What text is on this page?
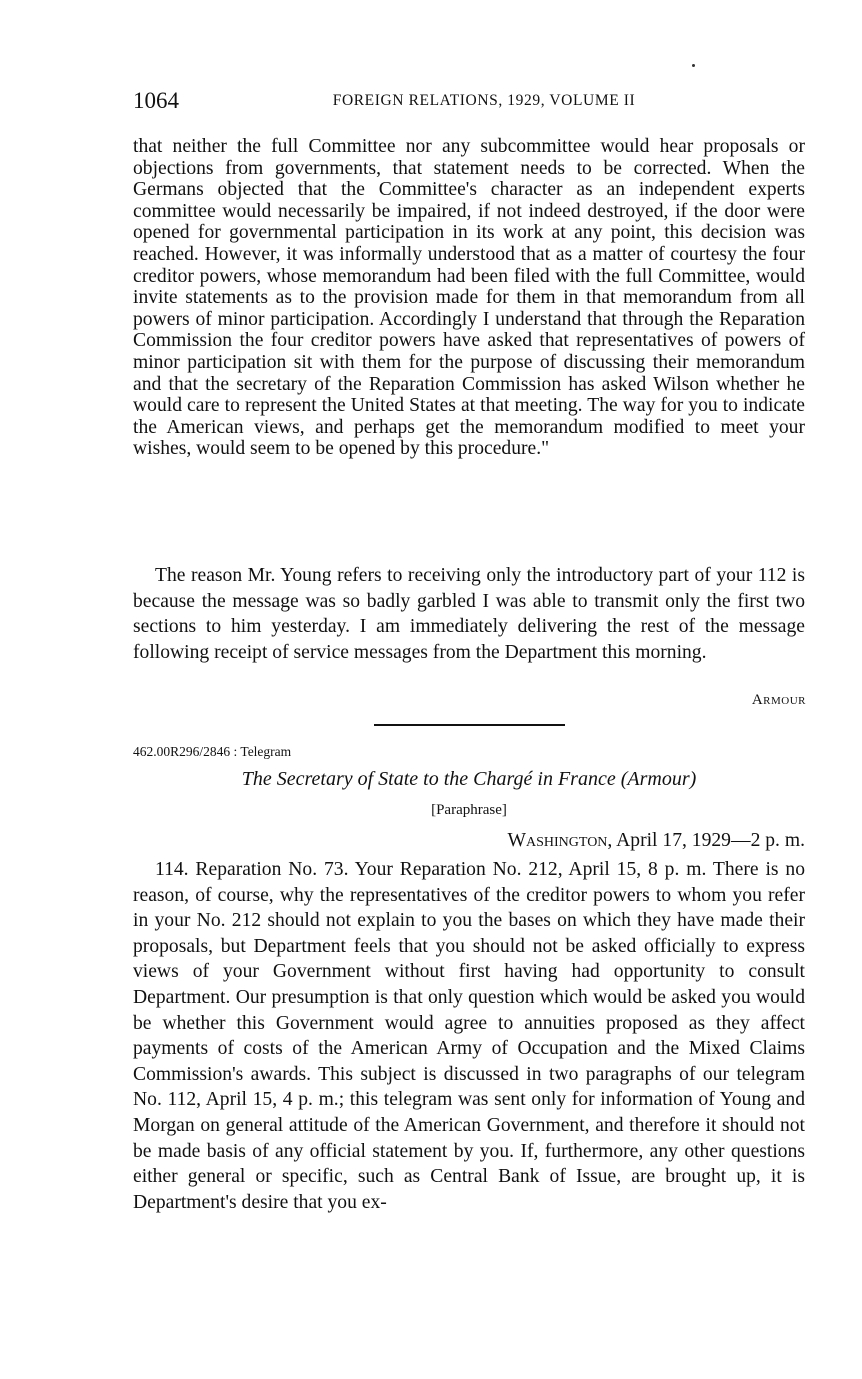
1064	FOREIGN RELATIONS, 1929, VOLUME II
that neither the full Committee nor any subcommittee would hear proposals or objections from governments, that statement needs to be corrected. When the Germans objected that the Committee's character as an independent experts committee would necessarily be impaired, if not indeed destroyed, if the door were opened for governmental participation in its work at any point, this decision was reached. However, it was informally understood that as a matter of courtesy the four creditor powers, whose memorandum had been filed with the full Committee, would invite statements as to the provision made for them in that memorandum from all powers of minor participation. Accordingly I understand that through the Reparation Commission the four creditor powers have asked that representatives of powers of minor participation sit with them for the purpose of discussing their memorandum and that the secretary of the Reparation Commission has asked Wilson whether he would care to represent the United States at that meeting. The way for you to indicate the American views, and perhaps get the memorandum modified to meet your wishes, would seem to be opened by this procedure."
The reason Mr. Young refers to receiving only the introductory part of your 112 is because the message was so badly garbled I was able to transmit only the first two sections to him yesterday. I am immediately delivering the rest of the message following receipt of service messages from the Department this morning.
Armour
462.00R296/2846 : Telegram
The Secretary of State to the Chargé in France (Armour)
[Paraphrase]
Washington, April 17, 1929—2 p. m.
114. Reparation No. 73. Your Reparation No. 212, April 15, 8 p. m. There is no reason, of course, why the representatives of the creditor powers to whom you refer in your No. 212 should not explain to you the bases on which they have made their proposals, but Department feels that you should not be asked officially to express views of your Government without first having had opportunity to consult Department. Our presumption is that only question which would be asked you would be whether this Government would agree to annuities proposed as they affect payments of costs of the American Army of Occupation and the Mixed Claims Commission's awards. This subject is discussed in two paragraphs of our telegram No. 112, April 15, 4 p. m.; this telegram was sent only for information of Young and Morgan on general attitude of the American Government, and therefore it should not be made basis of any official statement by you. If, furthermore, any other questions either general or specific, such as Central Bank of Issue, are brought up, it is Department's desire that you ex-
